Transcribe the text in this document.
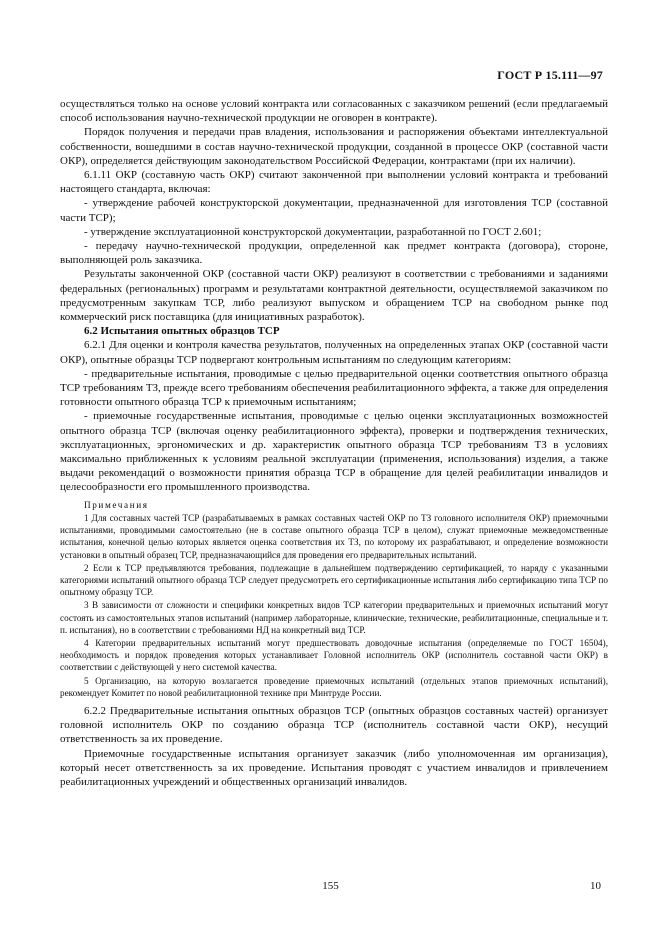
ГОСТ Р 15.111—97

осуществляться только на основе условий контракта или согласованных с заказчиком решений (если предлагаемый способ использования научно-технической продукции не оговорен в контракте).

Порядок получения и передачи прав владения, использования и распоряжения объектами интеллектуальной собственности, вошедшими в состав научно-технической продукции, созданной в процессе ОКР (составной части ОКР), определяется действующим законодательством Российской Федерации, контрактами (при их наличии).

6.1.11 ОКР (составную часть ОКР) считают законченной при выполнении условий контракта и требований настоящего стандарта, включая:

- утверждение рабочей конструкторской документации, предназначенной для изготовления ТСР (составной части ТСР);

- утверждение эксплуатационной конструкторской документации, разработанной по ГОСТ 2.601;

- передачу научно-технической продукции, определенной как предмет контракта (договора), стороне, выполняющей роль заказчика.

Результаты законченной ОКР (составной части ОКР) реализуют в соответствии с требованиями и заданиями федеральных (региональных) программ и результатами контрактной деятельности, осуществляемой заказчиком по предусмотренным закупкам ТСР, либо реализуют выпуском и обращением ТСР на свободном рынке под коммерческий риск поставщика (для инициативных разработок).

6.2 Испытания опытных образцов ТСР

6.2.1 Для оценки и контроля качества результатов, полученных на определенных этапах ОКР (составной части ОКР), опытные образцы ТСР подвергают контрольным испытаниям по следующим категориям:

- предварительные испытания, проводимые с целью предварительной оценки соответствия опытного образца ТСР требованиям ТЗ, прежде всего требованиям обеспечения реабилитационного эффекта, а также для определения готовности опытного образца ТСР к приемочным испытаниям;

- приемочные государственные испытания, проводимые с целью оценки эксплуатационных возможностей опытного образца ТСР (включая оценку реабилитационного эффекта), проверки и подтверждения технических, эксплуатационных, эргономических и др. характеристик опытного образца ТСР требованиям ТЗ в условиях максимально приближенных к условиям реальной эксплуатации (применения, использования) изделия, а также выдачи рекомендаций о возможности принятия образца ТСР в обращение для целей реабилитации инвалидов и целесообразности его промышленного производства.

Примечания

1 Для составных частей ТСР (разрабатываемых в рамках составных частей ОКР по ТЗ головного исполнителя ОКР) приемочными испытаниями, проводимыми самостоятельно (не в составе опытного образца ТСР в целом), служат приемочные межведомственные испытания, конечной целью которых является оценка соответствия их ТЗ, по которому их разрабатывают, и определение возможности установки в опытный образец ТСР, предназначающийся для проведения его предварительных испытаний.

2 Если к ТСР предъявляются требования, подлежащие в дальнейшем подтверждению сертификацией, то наряду с указанными категориями испытаний опытного образца ТСР следует предусмотреть его сертификационные испытания либо сертификацию типа ТСР по опытному образцу ТСР.

3 В зависимости от сложности и специфики конкретных видов ТСР категории предварительных и приемочных испытаний могут состоять из самостоятельных этапов испытаний (например лабораторные, клинические, технические, реабилитационные, специальные и т. п. испытания), но в соответствии с требованиями НД на конкретный вид ТСР.

4 Категории предварительных испытаний могут предшествовать доводочные испытания (определяемые по ГОСТ 16504), необходимость и порядок проведения которых устанавливает Головной исполнитель ОКР (исполнитель составной части ОКР) в соответствии с действующей у него системой качества.

5 Организацию, на которую возлагается проведение приемочных испытаний (отдельных этапов приемочных испытаний), рекомендует Комитет по новой реабилитационной технике при Минтруде России.

6.2.2 Предварительные испытания опытных образцов ТСР (опытных образцов составных частей) организует головной исполнитель ОКР по созданию образца ТСР (исполнитель составной части ОКР), несущий ответственность за их проведение.

Приемочные государственные испытания организует заказчик (либо уполномоченная им организация), который несет ответственность за их проведение. Испытания проводят с участием инвалидов и привлечением реабилитационных учреждений и общественных организаций инвалидов.

155	10
